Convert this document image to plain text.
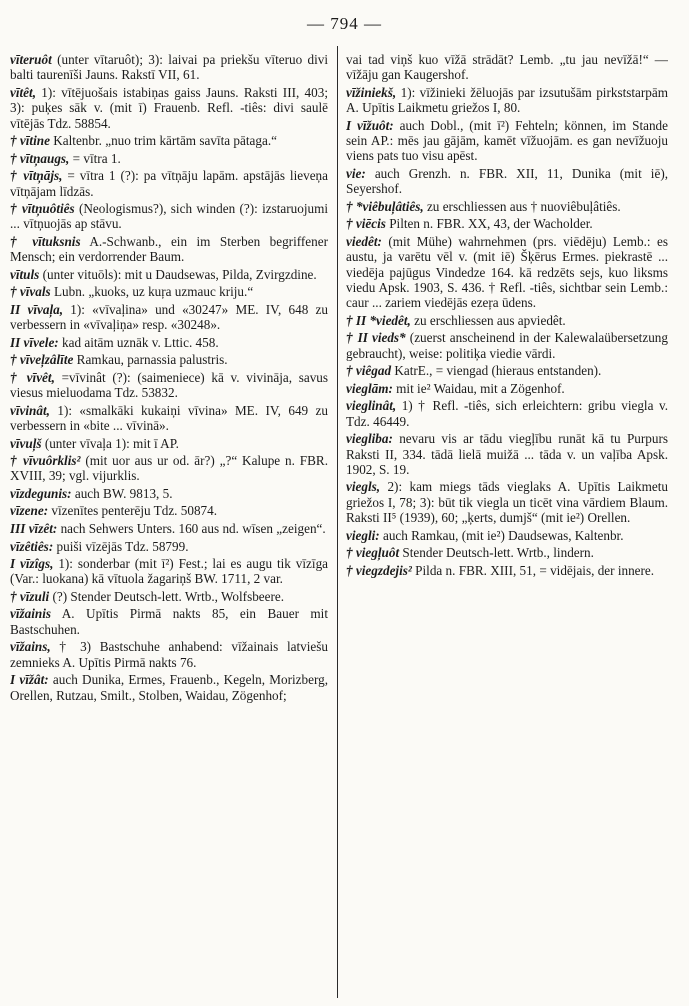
— 794 —

vīteruôt (unter vītaruôt); 3): laivai pa priekšu vīteruo divi balti taurenīši Jauns. Rakstī VII, 61.

vītêt, 1): vītējuošais istabiņas gaiss Jauns. Raksti III, 403; 3): puķes sāk v. (mit ī) Frauenb. Refl. -tiês: divi saulē vītējās Tdz. 58854.

† vītine Kaltenbr. „nuo trim kārtām savīta pātaga.“

† vītņaugs, = vītra 1.

† vītņājs, = vītra 1 (?): pa vītņāju lapām. apstājās lieveņa vītņājam līdzās.

† vītņuôtiês (Neologismus?), sich winden (?): izstaruojumi ... vītņuojās ap stāvu.

† vītuksnis A.-Schwanb., ein im Sterben begriffener Mensch; ein verdorrender Baum.

vītuls (unter vituōls): mit u Daudsewas, Pilda, Zvirgzdine.

† vīvals Lubn. „kuoks, uz kuŗa uzmauc kriju.“

II vīvaļa, 1): «vīvaļina» und «30247» ME. IV, 648 zu verbessern in «vīvaļiņa» resp. «30248».

II vīvele: kad aitām uznāk v. Lttic. 458.

† vīveļzâlīte Ramkau, parnassia palustris.

† vīvêt, =vīvinât (?): (saimeniece) kā v. vivināja, savus viesus mieluodama Tdz. 53832.

vīvinât, 1): «smalkāki kukaiņi vīvina» ME. IV, 649 zu verbessern in «bite ... vīvinā».

vīvuļš (unter vīvaļa 1): mit ī AP.

† vīvuôrklis² (mit uor aus ur od. ār?) „?“ Kalupe n. FBR. XVIII, 39; vgl. vijurklis.

vīzdegunis: auch BW. 9813, 5.

vīzene: vīzenītes penterēju Tdz. 50874.

III vīzêt: nach Sehwers Unters. 160 aus nd. wīsen „zeigen“.

vīzêtiês: puiši vīzējās Tdz. 58799.

I vīzîgs, 1): sonderbar (mit ī²) Fest.; lai es augu tik vīzīga (Var.: luokana) kā vītuola žagariņš BW. 1711, 2 var.

† vīzuli (?) Stender Deutsch-lett. Wrtb., Wolfsbeere.

vīžainis A. Upītis Pirmā nakts 85, ein Bauer mit Bastschuhen.

vīžains, † 3) Bastschuhe anhabend: vīžainais latviešu zemnieks A. Upītis Pirmā nakts 76.

I vīžât: auch Dunika, Ermes, Frauenb., Kegeln, Morizberg, Orellen, Rutzau, Smilt., Stolben, Waidau, Zögenhof;

vai tad viņš kuo vīžā strādāt? Lemb. „tu jau nevīžā!“ — vīžāju gan Kaugershof.

vīžiniekš, 1): vīžinieki žēluojās par izsutušām pirkststarpām A. Upītis Laikmetu griežos I, 80.

I vīžuôt: auch Dobl., (mit ī²) Fehteln; können, im Stande sein AP.: mēs jau gājām, kamēt vīžuojām. es gan nevīžuoju viens pats tuo visu apēst.

vie: auch Grenzh. n. FBR. XII, 11, Dunika (mit iē), Seyershof.

† *viêbuļâtiês, zu erschliessen aus † nuoviêbuļâtiês.

† viēcis Pilten n. FBR. XX, 43, der Wacholder.

viedêt: (mit Mühe) wahrnehmen (prs. viēdēju) Lemb.: es austu, ja varētu vēl v. (mit iē) Šķērus Ermes. piekrastē ... viedēja pajūgus Vindedze 164. kā redzēts sejs, kuo liksms viedu Apsk. 1903, S. 436. † Refl. -tiês, sichtbar sein Lemb.: caur ... zariem viedējās ezeŗa ūdens.

† II *viedêt, zu erschliessen aus apviedêt.

† II vieds* (zuerst anscheinend in der Kalewalaübersetzung gebraucht), weise: politiķa viedie vārdi.

† viêgad KatrE., = viengad (hieraus entstanden).

vieglām: mit ie² Waidau, mit a Zögenhof.

vieglinât, 1) † Refl. -tiês, sich erleichtern: gribu viegla v. Tdz. 46449.

viegliba: nevaru vis ar tādu viegļību runāt kā tu Purpurs Raksti II, 334. tādā lielā muižā ... tāda v. un vaļība Apsk. 1902, S. 19.

viegls, 2): kam miegs tāds vieglaks A. Upītis Laikmetu griežos I, 78; 3): būt tik viegla un ticēt vina vārdiem Blaum. Raksti II⁵ (1939), 60; „ķerts, dumjš“ (mit ie²) Orellen.

viegli: auch Ramkau, (mit ie²) Daudsewas, Kaltenbr.

† viegļuôt Stender Deutsch-lett. Wrtb., lindern.

† viegzdejis² Pilda n. FBR. XIII, 51, = vidējais, der innere.
